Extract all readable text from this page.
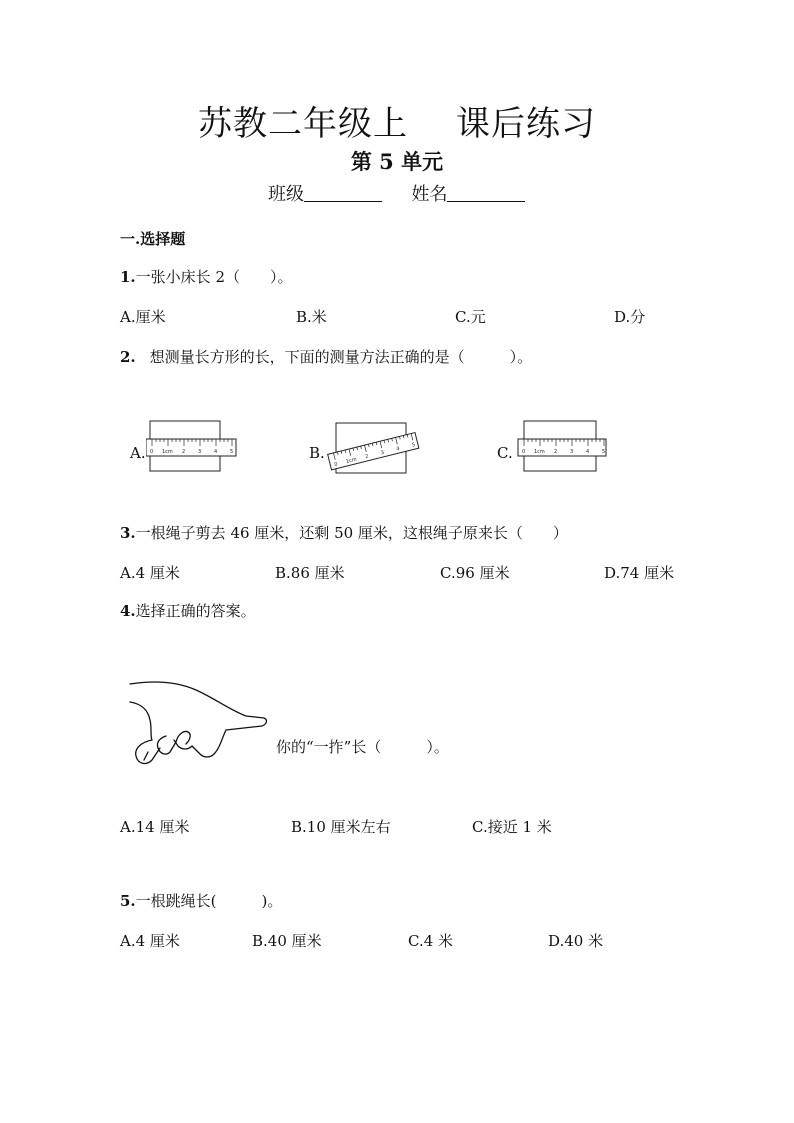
苏教二年级上 课后练习
第 5 单元
班级	姓名
一.选择题
1.一张小床长 2（　　）。
A.厘米	B.米	C.元	D.分
2. 想测量长方形的长，下面的测量方法正确的是（　　　）。
A.	B.	C.
0 1cm 2	3	4	5
0 1cm 2
3
4
5
0 1cm 2	3	4	5
3.一根绳子剪去 46 厘米，还剩 50 厘米，这根绳子原来长（　　）
A.4 厘米	B.86 厘米	C.96 厘米	D.74 厘米
4.选择正确的答案。
你的“一拃”长（　　　）。
A.14 厘米	B.10 厘米左右	C.接近 1 米
5.一根跳绳长(　　　)。
A.4 厘米	B.40 厘米	C.4 米	D.40 米
